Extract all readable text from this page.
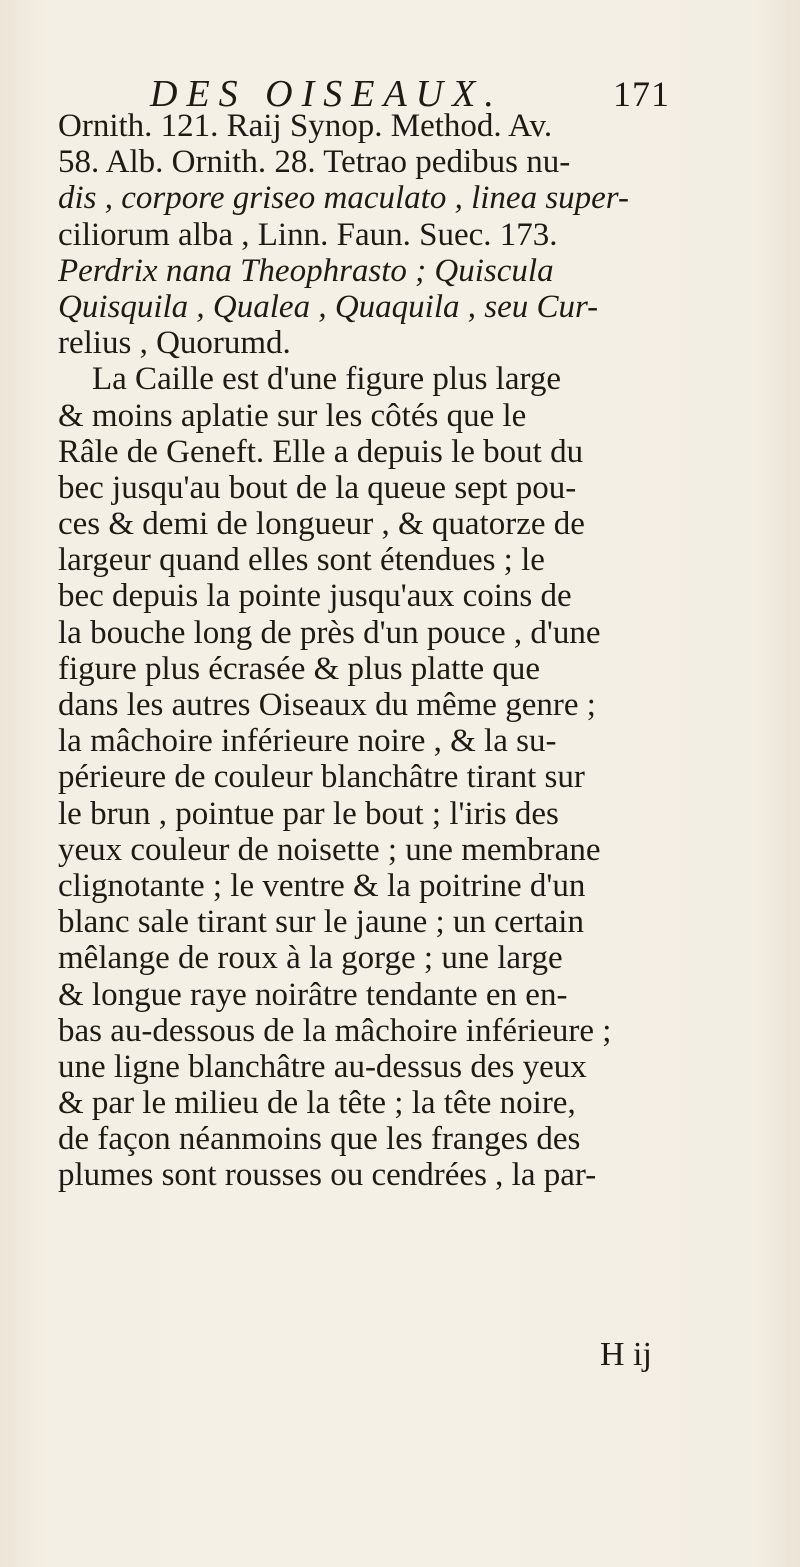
DES OISEAUX.	171
Ornith. 121. Raij Synop. Method. Av.
58. Alb. Ornith. 28. Tetrao pedibus nu-
dis , corpore griseo maculato , linea super-
ciliorum alba , Linn. Faun. Suec. 173.
Perdrix nana Theophrasto ; Quiscula
Quisquila , Qualea , Quaquila , seu Cur-
relius , Quorumd.
La Caille est d'une figure plus large
& moins aplatie sur les côtés que le
Râle de Geneft. Elle a depuis le bout du
bec jusqu'au bout de la queue sept pou-
ces & demi de longueur , & quatorze de
largeur quand elles sont étendues ; le
bec depuis la pointe jusqu'aux coins de
la bouche long de près d'un pouce , d'une
figure plus écrasée & plus platte que
dans les autres Oiseaux du même genre ;
la mâchoire inférieure noire , & la su-
périeure de couleur blanchâtre tirant sur
le brun , pointue par le bout ; l'iris des
yeux couleur de noisette ; une membrane
clignotante ; le ventre & la poitrine d'un
blanc sale tirant sur le jaune ; un certain
mêlange de roux à la gorge ; une large
& longue raye noirâtre tendante en en-
bas au-dessous de la mâchoire inférieure ;
une ligne blanchâtre au-dessus des yeux
& par le milieu de la tête ; la tête noire,
de façon néanmoins que les franges des
plumes sont rousses ou cendrées , la par-
H ij
